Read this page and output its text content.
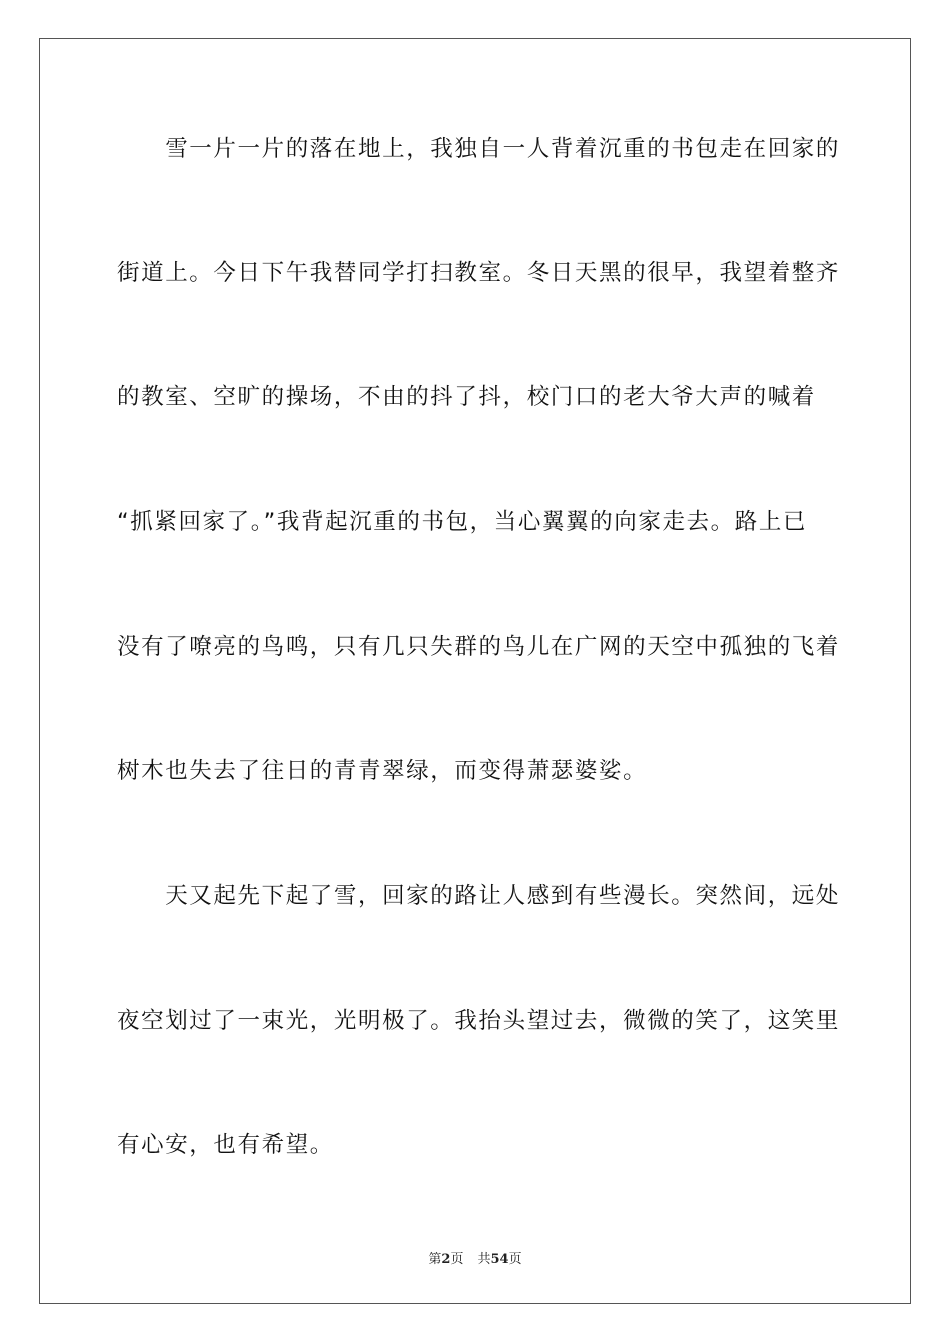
　　雪一片一片的落在地上，我独自一人背着沉重的书包走在回家的
街道上。今日下午我替同学打扫教室。冬日天黑的很早，我望着整齐
的教室、空旷的操场，不由的抖了抖，校门口的老大爷大声的喊着
“抓紧回家了。”我背起沉重的书包，当心翼翼的向家走去。路上已
没有了嘹亮的鸟鸣，只有几只失群的鸟儿在广网的天空中孤独的飞着
树木也失去了往日的青青翠绿，而变得萧瑟婆娑。
　　天又起先下起了雪，回家的路让人感到有些漫长。突然间，远处
夜空划过了一束光，光明极了。我抬头望过去，微微的笑了，这笑里
有心安，也有希望。
第2页 共54页
